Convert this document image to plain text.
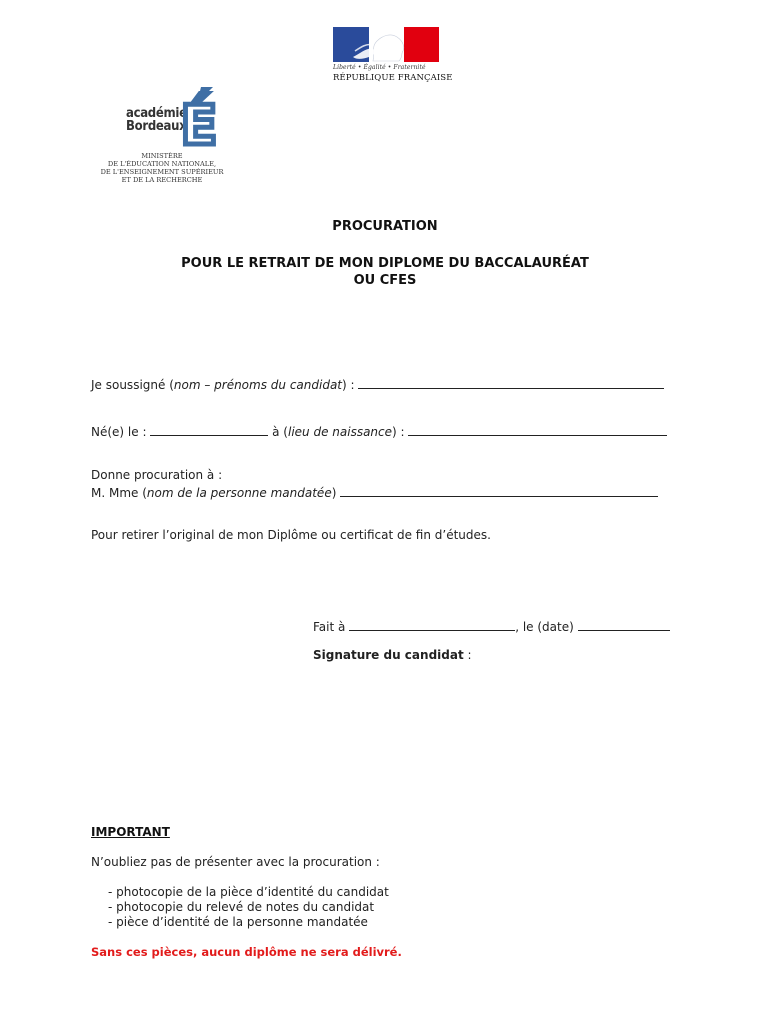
Liberté • Égalité • Fraternité
RÉPUBLIQUE FRANÇAISE
académie
Bordeaux
É
MINISTÈRE
DE L'ÉDUCATION NATIONALE,
DE L'ENSEIGNEMENT SUPÉRIEUR
ET DE LA RECHERCHE
PROCURATION
POUR LE RETRAIT DE MON DIPLOME DU BACCALAURÉAT
OU CFES
Je soussigné (nom – prénoms du candidat) :
Né(e) le :	à (lieu de naissance) :
Donne procuration à :
M. Mme (nom de la personne mandatée)
Pour retirer l’original de mon Diplôme ou certificat de fin d’études.
Fait à	, le (date)
Signature du candidat :
IMPORTANT
N’oubliez pas de présenter avec la procuration :
- photocopie de la pièce d’identité du candidat
- photocopie du relevé de notes du candidat
- pièce d’identité de la personne mandatée
Sans ces pièces, aucun diplôme ne sera délivré.
